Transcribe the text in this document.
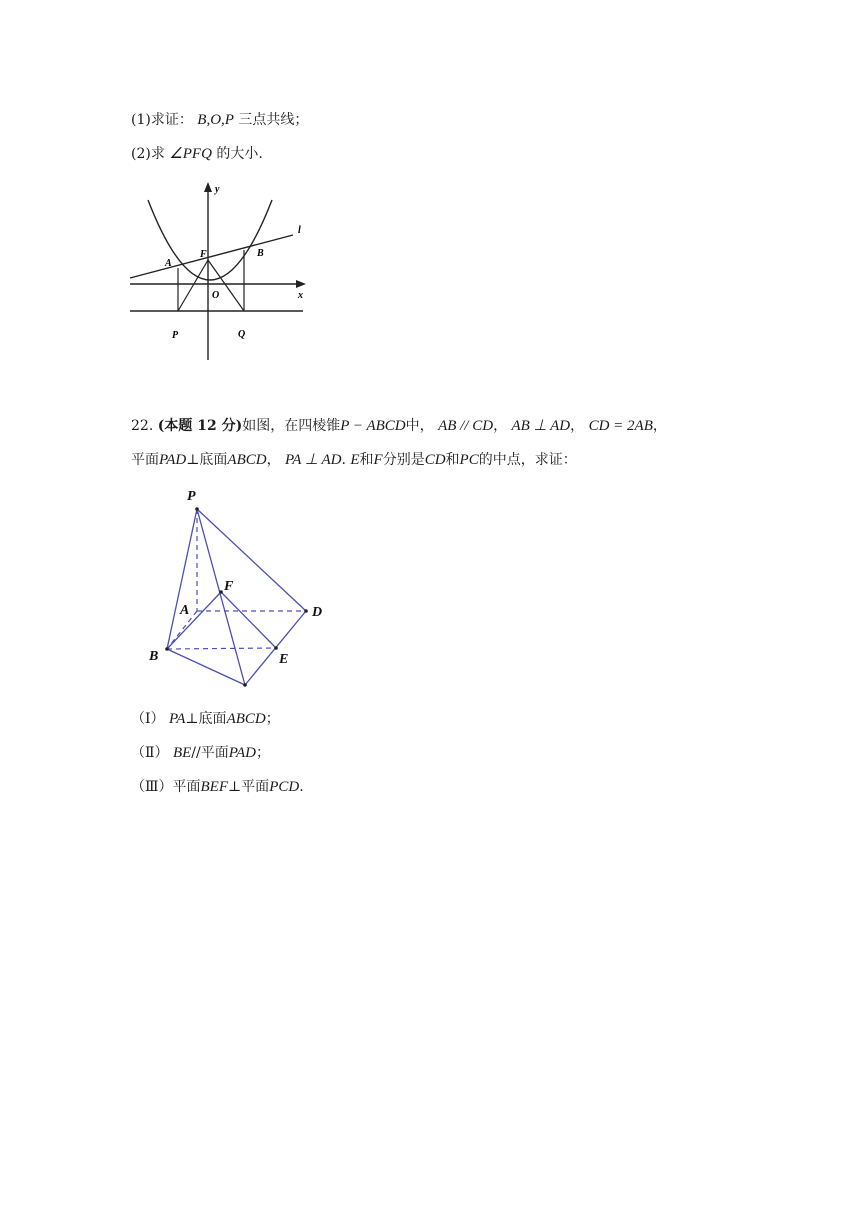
(1)求证： B,O,P 三点共线；
(2)求 ∠PFQ 的大小.
y
x
l
F
A
B
O
P	Q
22. (本题 12 分)如图，在四棱锥P − ABCD中， AB // CD， AB ⊥ AD， CD = 2AB，
平面PAD⊥底面ABCD， PA ⊥ AD. E和F分别是CD和PC的中点，求证：
P
F
A	D
B	E
（Ⅰ） PA⊥底面ABCD；
（Ⅱ） BE//平面PAD；
（Ⅲ）平面BEF⊥平面PCD.
